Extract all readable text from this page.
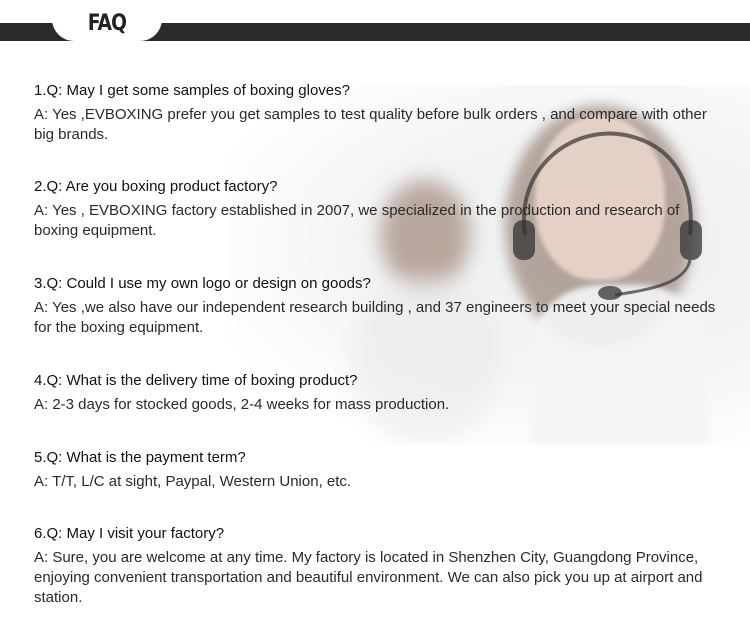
FAQ

1.Q: May I get some samples of boxing gloves?

A: Yes ,EVBOXING prefer you get samples to test quality before bulk orders , and compare with other big brands.

2.Q: Are you boxing product factory?

A: Yes , EVBOXING factory established in 2007, we specialized in the production and research of boxing equipment.

3.Q: Could I use my own logo or design on goods?

A: Yes ,we also have our independent research building , and 37 engineers to meet your special needs for the boxing equipment.

4.Q: What is the delivery time of boxing product?

A: 2-3 days for stocked goods, 2-4 weeks for mass production.

5.Q: What is the payment term?

A: T/T, L/C at sight, Paypal, Western Union, etc.

6.Q: May I visit your factory?

A: Sure, you are welcome at any time. My factory is located in Shenzhen City, Guangdong Province, enjoying convenient transportation and beautiful environment. We can also pick you up at airport and station.
